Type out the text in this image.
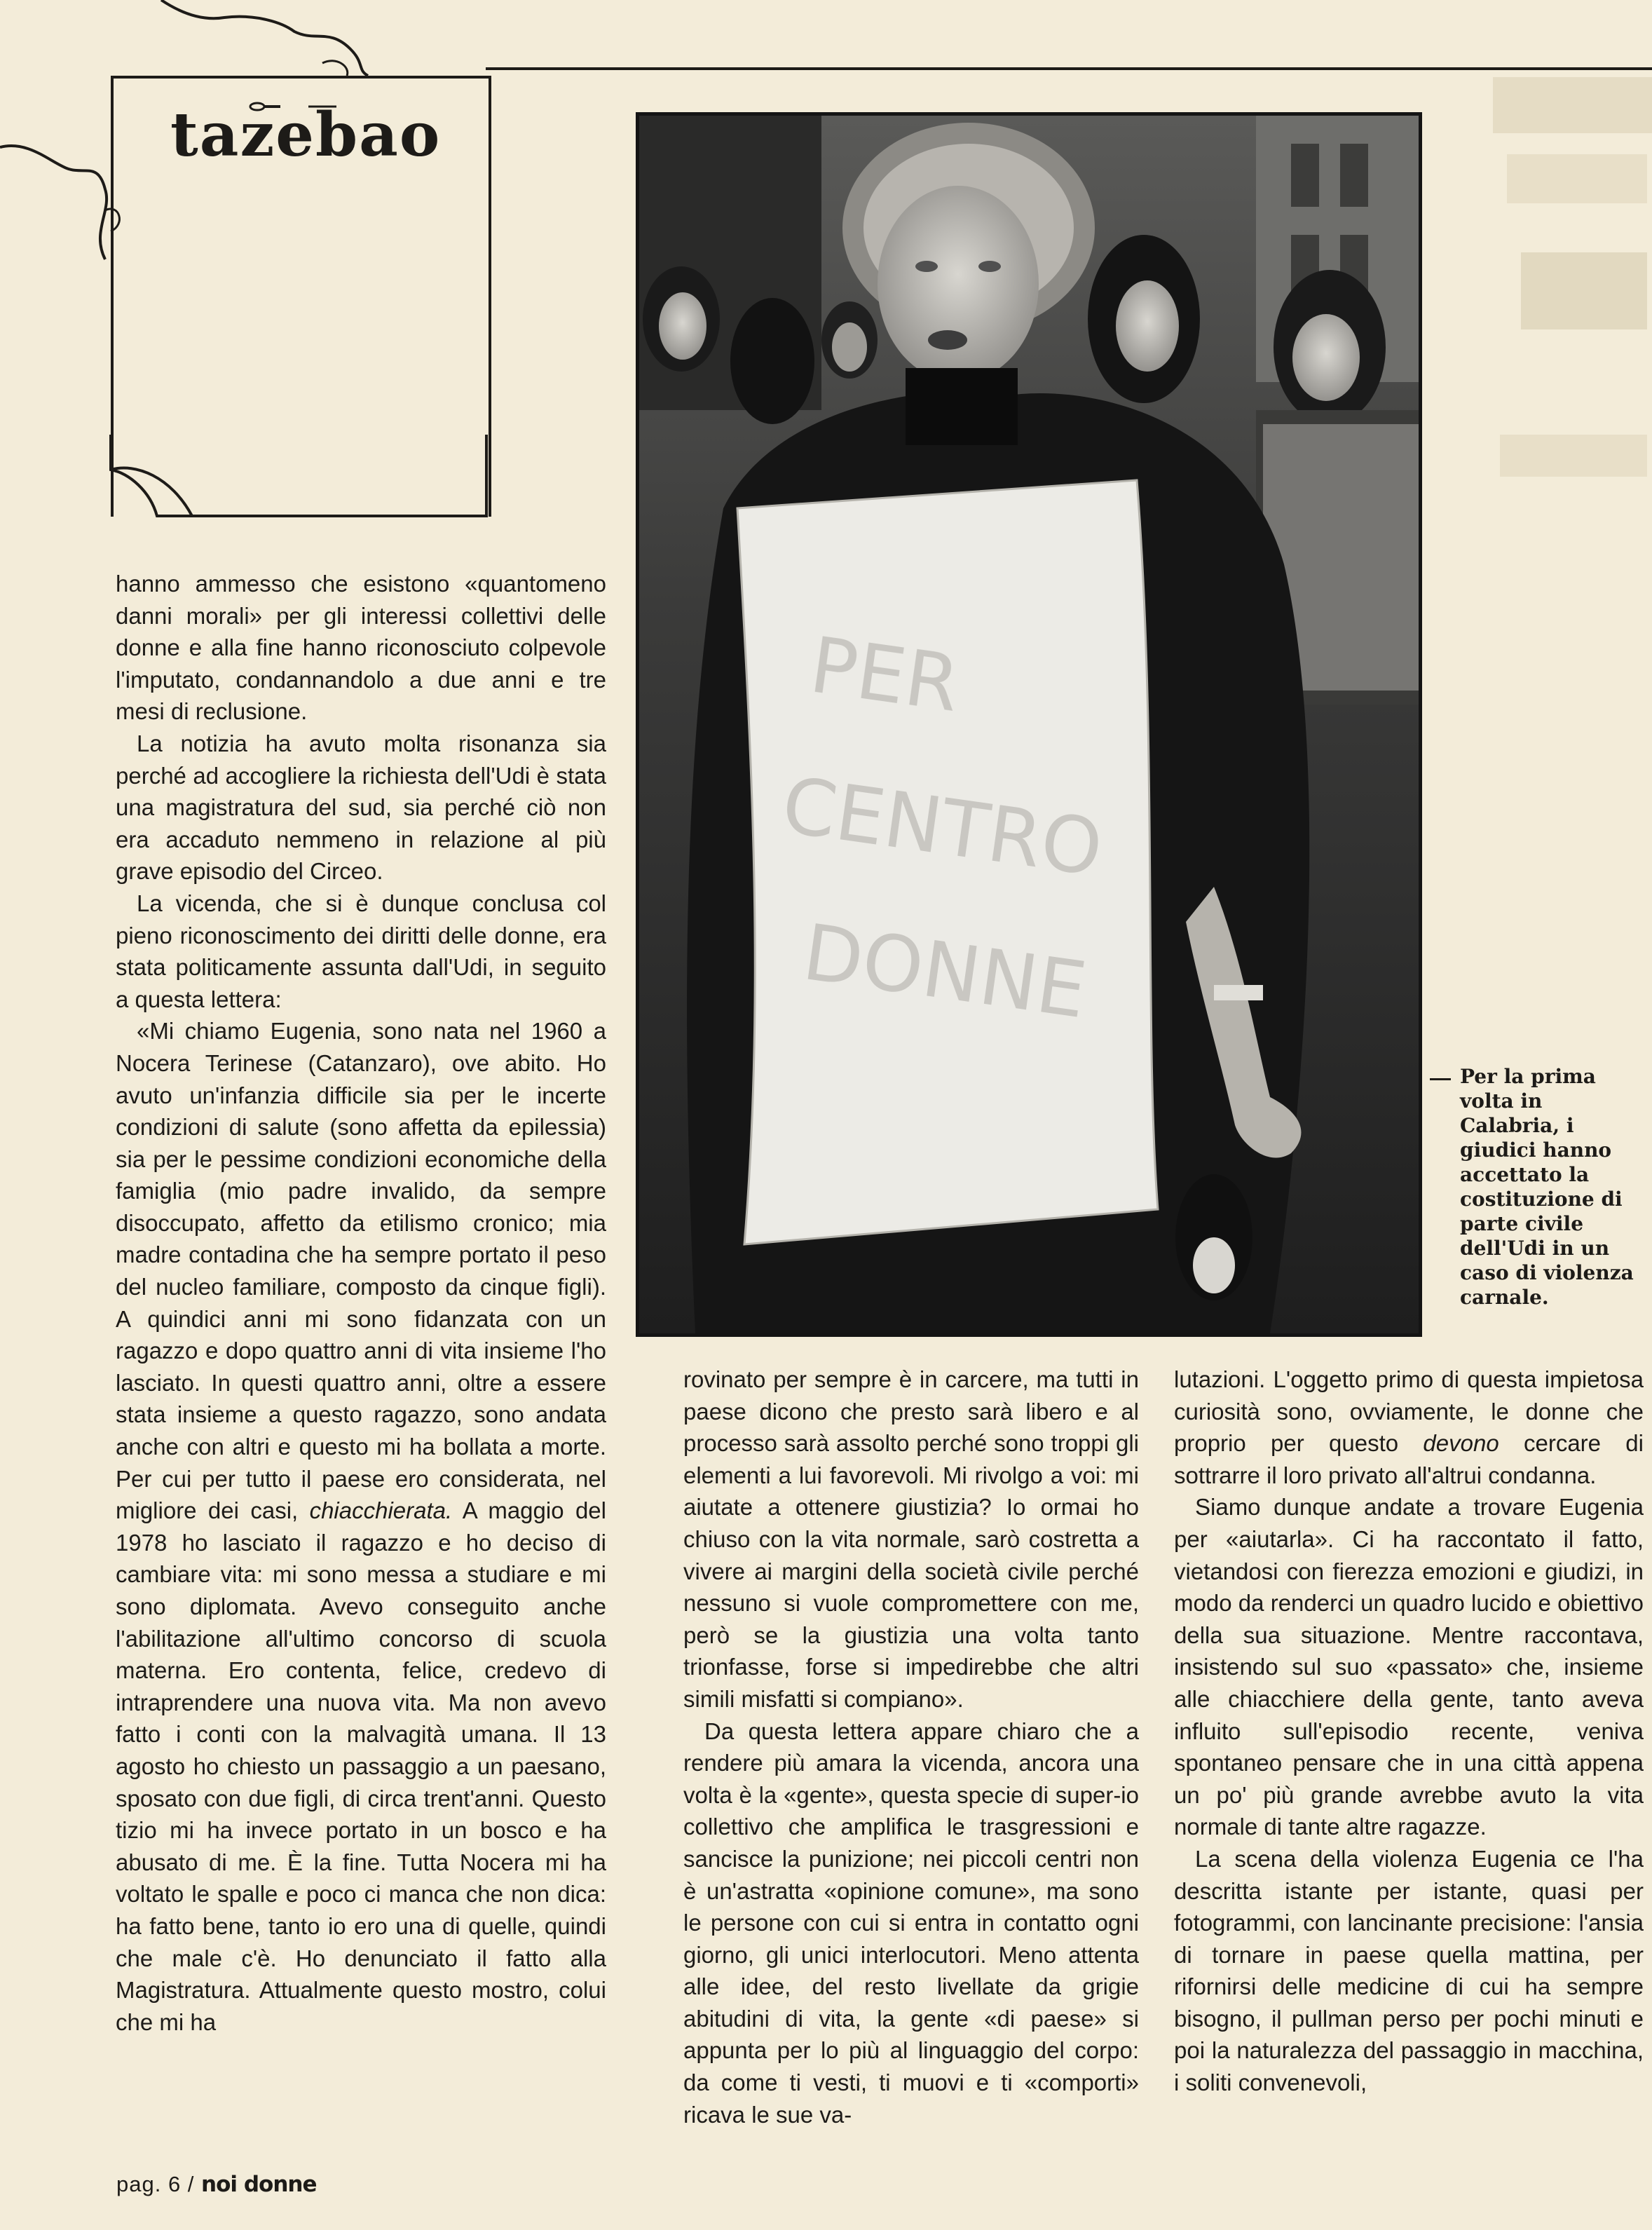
tazebao
PER
CENTRO
DONNE
Per la prima volta in Calabria, i giudici hanno accettato la costituzione di parte civile dell'Udi in un caso di violenza carnale.

hanno ammesso che esistono «quantomeno danni morali» per gli interessi collettivi delle donne e alla fine hanno riconosciuto colpevole l'imputato, condannandolo a due anni e tre mesi di reclusione.

La notizia ha avuto molta risonanza sia perché ad accogliere la richiesta dell'Udi è stata una magistratura del sud, sia perché ciò non era accaduto nemmeno in relazione al più grave episodio del Circeo.

La vicenda, che si è dunque conclusa col pieno riconoscimento dei diritti delle donne, era stata politicamente assunta dall'Udi, in seguito a questa lettera:

«Mi chiamo Eugenia, sono nata nel 1960 a Nocera Terinese (Catanzaro), ove abito. Ho avuto un'infanzia difficile sia per le incerte condizioni di salute (sono affetta da epilessia) sia per le pessime condizioni economiche della famiglia (mio padre invalido, da sempre disoccupato, affetto da etilismo cronico; mia madre contadina che ha sempre portato il peso del nucleo familiare, composto da cinque figli). A quindici anni mi sono fidanzata con un ragazzo e dopo quattro anni di vita insieme l'ho lasciato. In questi quattro anni, oltre a essere stata insieme a questo ragazzo, sono andata anche con altri e questo mi ha bollata a morte. Per cui per tutto il paese ero considerata, nel migliore dei casi, chiacchierata. A maggio del 1978 ho lasciato il ragazzo e ho deciso di cambiare vita: mi sono messa a studiare e mi sono diplomata. Avevo conseguito anche l'abilitazione all'ultimo concorso di scuola materna. Ero contenta, felice, credevo di intraprendere una nuova vita. Ma non avevo fatto i conti con la malvagità umana. Il 13 agosto ho chiesto un passaggio a un paesano, sposato con due figli, di circa trent'anni. Questo tizio mi ha invece portato in un bosco e ha abusato di me. È la fine. Tutta Nocera mi ha voltato le spalle e poco ci manca che non dica: ha fatto bene, tanto io ero una di quelle, quindi che male c'è. Ho denunciato il fatto alla Magistratura. Attualmente questo mostro, colui che mi ha

rovinato per sempre è in carcere, ma tutti in paese dicono che presto sarà libero e al processo sarà assolto perché sono troppi gli elementi a lui favorevoli. Mi rivolgo a voi: mi aiutate a ottenere giustizia? Io ormai ho chiuso con la vita normale, sarò costretta a vivere ai margini della società civile perché nessuno si vuole compromettere con me, però se la giustizia una volta tanto trionfasse, forse si impedirebbe che altri simili misfatti si compiano».

Da questa lettera appare chiaro che a rendere più amara la vicenda, ancora una volta è la «gente», questa specie di super-io collettivo che amplifica le trasgressioni e sancisce la punizione; nei piccoli centri non è un'astratta «opinione comune», ma sono le persone con cui si entra in contatto ogni giorno, gli unici interlocutori. Meno attenta alle idee, del resto livellate da grigie abitudini di vita, la gente «di paese» si appunta per lo più al linguaggio del corpo: da come ti vesti, ti muovi e ti «comporti» ricava le sue va-

lutazioni. L'oggetto primo di questa impietosa curiosità sono, ovviamente, le donne che proprio per questo devono cercare di sottrarre il loro privato all'altrui condanna.

Siamo dunque andate a trovare Eugenia per «aiutarla». Ci ha raccontato il fatto, vietandosi con fierezza emozioni e giudizi, in modo da renderci un quadro lucido e obiettivo della sua situazione. Mentre raccontava, insistendo sul suo «passato» che, insieme alle chiacchiere della gente, tanto aveva influito sull'episodio recente, veniva spontaneo pensare che in una città appena un po' più grande avrebbe avuto la vita normale di tante altre ragazze.

La scena della violenza Eugenia ce l'ha descritta istante per istante, quasi per fotogrammi, con lancinante precisione: l'ansia di tornare in paese quella mattina, per rifornirsi delle medicine di cui ha sempre bisogno, il pullman perso per pochi minuti e poi la naturalezza del passaggio in macchina, i soliti convenevoli,

pag. 6 / noi donne
